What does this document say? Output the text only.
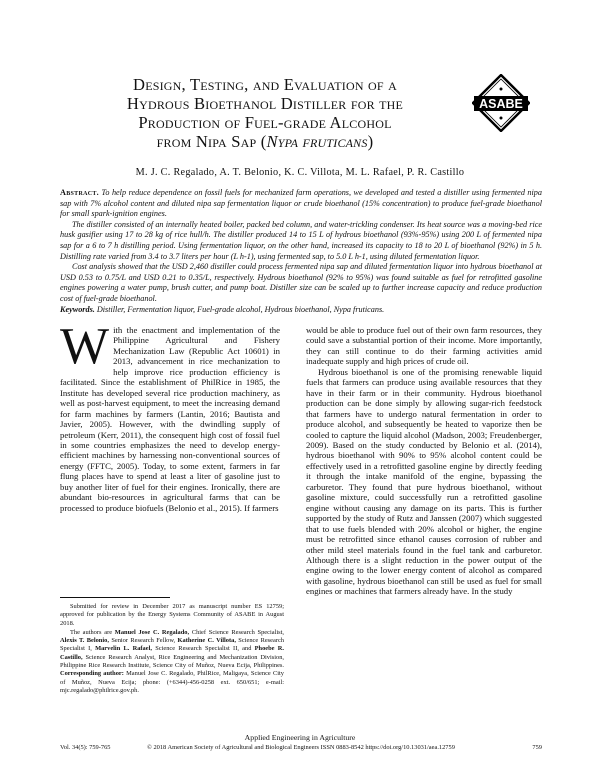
Design, Testing, and Evaluation of a
Hydrous Bioethanol Distiller for the
Production of Fuel-grade Alcohol
from Nipa Sap (Nypa fruticans)
ASABE
M. J. C. Regalado, A. T. Belonio, K. C. Villota, M. L. Rafael, P. R. Castillo

Abstract. To help reduce dependence on fossil fuels for mechanized farm operations, we developed and tested a distiller using fermented nipa sap with 7% alcohol content and diluted nipa sap fermentation liquor or crude bioethanol (15% concentration) to produce fuel-grade bioethanol for small spark-ignition engines.

The distiller consisted of an internally heated boiler, packed bed column, and water-trickling condenser. Its heat source was a moving-bed rice husk gasifier using 17 to 28 kg of rice hull/h. The distiller produced 14 to 15 L of hydrous bioethanol (93%-95%) using 200 L of fermented nipa sap for a 6 to 7 h distilling period. Using fermentation liquor, on the other hand, increased its capacity to 18 to 20 L of bioethanol (92%) in 5 h. Distilling rate varied from 3.4 to 3.7 liters per hour (L h-1), using fermented sap, to 5.0 L h-1, using diluted fermentation liquor.

Cost analysis showed that the USD 2,460 distiller could process fermented nipa sap and diluted fermentation liquor into hydrous bioethanol at USD 0.53 to 0.75/L and USD 0.21 to 0.35/L, respectively. Hydrous bioethanol (92% to 95%) was found suitable as fuel for retrofitted gasoline engines powering a water pump, brush cutter, and pump boat. Distiller size can be scaled up to further increase capacity and reduce production cost of fuel-grade bioethanol.

Keywords. Distiller, Fermentation liquor, Fuel-grade alcohol, Hydrous bioethanol, Nypa fruticans.

With the enactment and implementation of the Philippine Agricultural and Fishery Mechanization Law (Republic Act 10601) in 2013, advancement in rice mechanization to help improve rice production efficiency is facilitated. Since the establishment of PhilRice in 1985, the Institute has developed several rice production machinery, as well as post-harvest equipment, to meet the increasing demand for farm machines by farmers (Lantin, 2016; Bautista and Javier, 2005). However, with the dwindling supply of petroleum (Kerr, 2011), the consequent high cost of fossil fuel in some countries emphasizes the need to develop energy-efficient machines by harnessing non-conventional sources of energy (FFTC, 2005). Today, to some extent, farmers in far flung places have to spend at least a liter of gasoline just to buy another liter of fuel for their engines. Ironically, there are abundant bio-resources in agricultural farms that can be processed to produce biofuels (Belonio et al., 2015). If farmers

would be able to produce fuel out of their own farm resources, they could save a substantial portion of their income. More importantly, they can still continue to do their farming activities amid inadequate supply and high prices of crude oil.

Hydrous bioethanol is one of the promising renewable liquid fuels that farmers can produce using available resources that they have in their farm or in their community. Hydrous bioethanol production can be done simply by allowing sugar-rich feedstock that farmers have to undergo natural fermentation in order to produce alcohol, and subsequently be heated to vaporize then be cooled to capture the liquid alcohol (Madson, 2003; Freudenberger, 2009). Based on the study conducted by Belonio et al. (2014), hydrous bioethanol with 90% to 95% alcohol content could be effectively used in a retrofitted gasoline engine by directly feeding it through the intake manifold of the engine, bypassing the carburetor. They found that pure hydrous bioethanol, without gasoline mixture, could successfully run a retrofitted gasoline engine without causing any damage on its parts. This is further supported by the study of Rutz and Janssen (2007) which suggested that to use fuels blended with 20% alcohol or higher, the engine must be retrofitted since ethanol causes corrosion of rubber and other mild steel materials found in the fuel tank and carburetor. Although there is a slight reduction in the power output of the engine owing to the lower energy content of alcohol as compared with gasoline, hydrous bioethanol can still be used as fuel for small engines or machines that farmers already have. In the study

Submitted for review in December 2017 as manuscript number ES 12759; approved for publication by the Energy Systems Community of ASABE in August 2018.

The authors are Manuel Jose C. Regalado, Chief Science Research Specialist, Alexis T. Belonio, Senior Research Fellow, Katherine C. Villota, Science Research Specialist I, Marvelin L. Rafael, Science Research Specialist II, and Phoebe R. Castillo, Science Research Analyst, Rice Engineering and Mechanization Division, Philippine Rice Research Institute, Science City of Muñoz, Nueva Ecija, Philippines. Corresponding author: Manuel Jose C. Regalado, PhilRice, Maligaya, Science City of Muñoz, Nueva Ecija; phone: (+6344)-456-0258 ext. 650/651; e-mail: mjc.regalado@philrice.gov.ph.

Applied Engineering in Agriculture
Vol. 34(5): 759-765	© 2018 American Society of Agricultural and Biological Engineers ISSN 0883-8542 https://doi.org/10.13031/aea.12759	759
